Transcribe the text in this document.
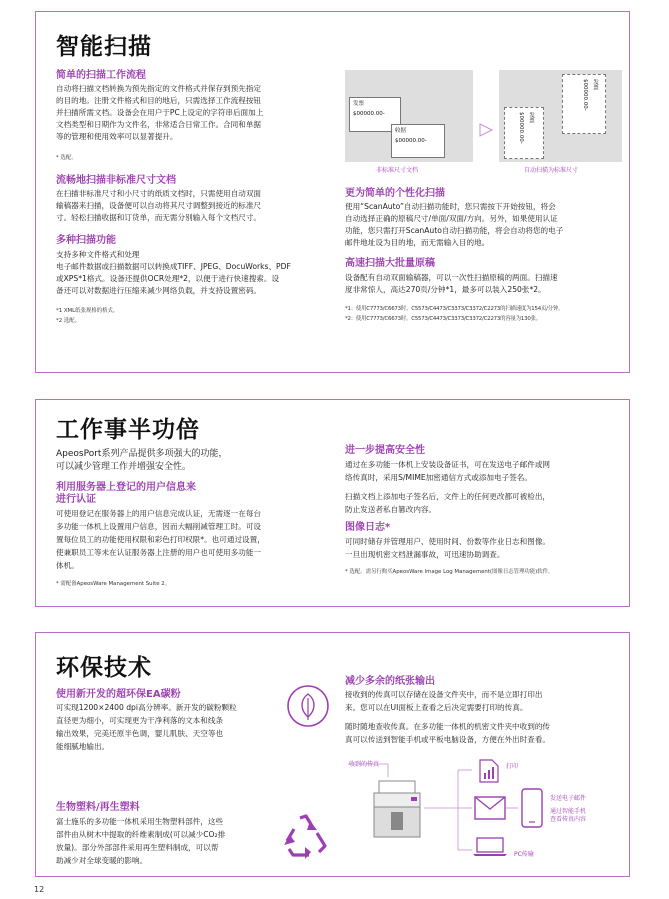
智能扫描
简单的扫描工作流程
自动将扫描文档转换为预先指定的文件格式并保存到预先指定
的目的地。注册文件格式和目的地后，只需选择工作流程按钮
并扫描所需文档。设备会在用户于PC上设定的字符串后面加上
文档类型和日期作为文件名，非常适合日常工作。合同和单据
等的管理和使用效率可以显著提升。
* 选配。
流畅地扫描非标准尺寸文档
在扫描非标准尺寸和小尺寸的纸质文档时，只需使用自动双面
输稿器来扫描，设备便可以自动将其尺寸调整到接近的标准尺
寸。轻松扫描收据和订货单，而无需分别输入每个文档尺寸。
多种扫描功能
支持多种文件格式和处理
电子邮件数据或扫描数据可以转换成TIFF、JPEG、DocuWorks、PDF
或XPS*1格式。设备还提供OCR处理*2，以便于进行快速搜索。设
备还可以对数据进行压缩来减少网络负载，并支持设置密码。
*1 XML纸张规格的格式。
*2 选配。
发票
$00000.00-
收据
$00000.00-
发票
$00000.00-
发票
$00000.00-
非标准尺寸文档	自动扫描为标准尺寸
更为简单的个性化扫描
使用“ScanAuto”自动扫描功能时，您只需按下开始按钮，将会
自动选择正确的原稿尺寸/单面/双面/方向。另外，如果使用认证
功能，您只需打开ScanAuto自动扫描功能，将会自动将您的电子
邮件地址设为目的地，而无需输入目的地。
高速扫描大批量原稿
设备配有自动双面输稿器，可以一次性扫描原稿的两面。扫描速
度非常惊人，高达270页/分钟*1，最多可以装入250张*2。
*1：使用C7773/C6673时。C5573/C4473/C3373/C3372/C2273的扫描速度为154页/分钟。
*2：使用C7773/C6673时。C5573/C4473/C3373/C3372/C2273的容量为130张。
工作事半功倍
ApeosPort系列产品提供多项强大的功能，
可以减少管理工作并增强安全性。
利用服务器上登记的用户信息来
进行认证
可使用登记在服务器上的用户信息完成认证，无需逐一在每台
多功能一体机上设置用户信息，因而大幅削减管理工时。可设
置每位员工的功能使用权限和彩色打印权限*。也可通过设置，
使兼职员工等未在认证服务器上注册的用户也可使用多功能一
体机。
* 需配备ApeosWare Management Suite 2。
进一步提高安全性
通过在多功能一体机上安装设备证书，可在发送电子邮件或网
络传真时，采用S/MIME加密通信方式或添加电子签名。
扫描文档上添加电子签名后，文件上的任何更改都可被检出，
防止发送者私自篡改内容。
图像日志*
可同时储存并管理用户、使用时间、份数等作业日志和图像。
一旦出现机密文档泄漏事故，可迅速协助调查。
* 选配。需另行购买ApeosWare Image Log Management(图像日志管理功能)软件。
环保技术
使用新开发的超环保EA碳粉
可实现1200×2400 dpi高分辨率。新开发的碳粉颗粒
直径更为细小，可实现更为干净利落的文本和线条
输出效果，完美还原半色调，婴儿肌肤、天空等也
能细腻地输出。
生物塑料/再生塑料
富士施乐的多功能一体机采用生物塑料部件，这些
部件由从树木中提取的纤维素制成(可以减少CO₂排
放量)。部分外部部件采用再生塑料制成，可以帮
助减少对全球变暖的影响。
减少多余的纸张输出
接收到的传真可以存储在设备文件夹中，而不是立即打印出
来。您可以在UI面板上查看之后决定需要打印的传真。
随时随地查收传真。在多功能一体机的机密文件夹中收到的传
真可以传送到智能手机或平板电脑设备，方便在外出时查看。
收到的传真	打印
发送电子邮件
通过智能手机
查看传真内容
PC传输
12
